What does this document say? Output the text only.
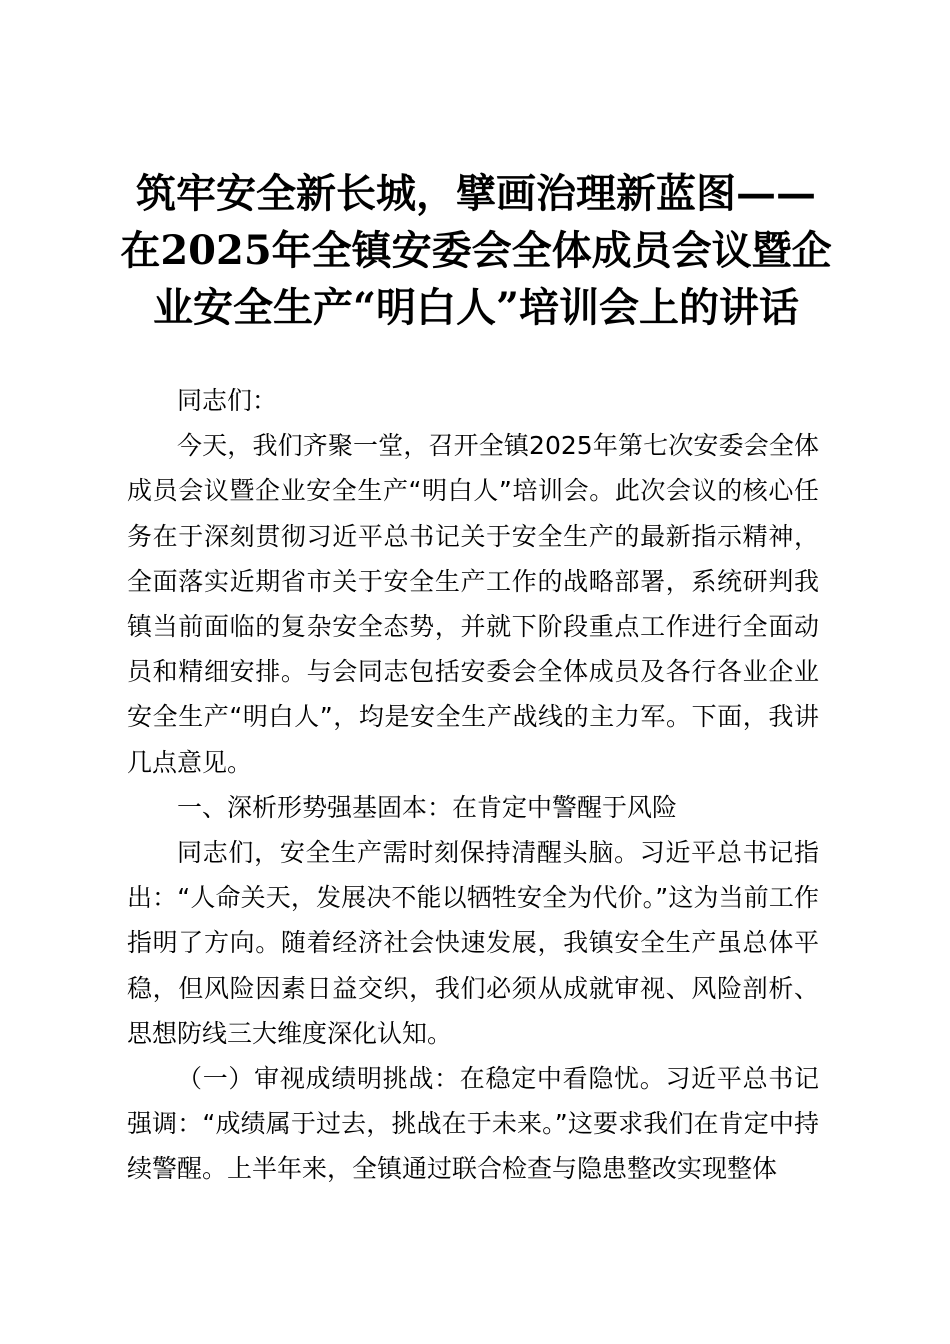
筑牢安全新长城，擘画治理新蓝图——在2025年全镇安委会全体成员会议暨企业安全生产“明白人”培训会上的讲话

同志们：

今天，我们齐聚一堂，召开全镇2025年第七次安委会全体成员会议暨企业安全生产“明白人”培训会。此次会议的核心任务在于深刻贯彻习近平总书记关于安全生产的最新指示精神，全面落实近期省市关于安全生产工作的战略部署，系统研判我镇当前面临的复杂安全态势，并就下阶段重点工作进行全面动员和精细安排。与会同志包括安委会全体成员及各行各业企业安全生产“明白人”，均是安全生产战线的主力军。下面，我讲几点意见。

一、深析形势强基固本：在肯定中警醒于风险

同志们，安全生产需时刻保持清醒头脑。习近平总书记指出：“人命关天，发展决不能以牺牲安全为代价。”这为当前工作指明了方向。随着经济社会快速发展，我镇安全生产虽总体平稳，但风险因素日益交织，我们必须从成就审视、风险剖析、思想防线三大维度深化认知。

（一）审视成绩明挑战：在稳定中看隐忧。习近平总书记强调：“成绩属于过去，挑战在于未来。”这要求我们在肯定中持续警醒。上半年来，全镇通过联合检查与隐患整改实现整体
